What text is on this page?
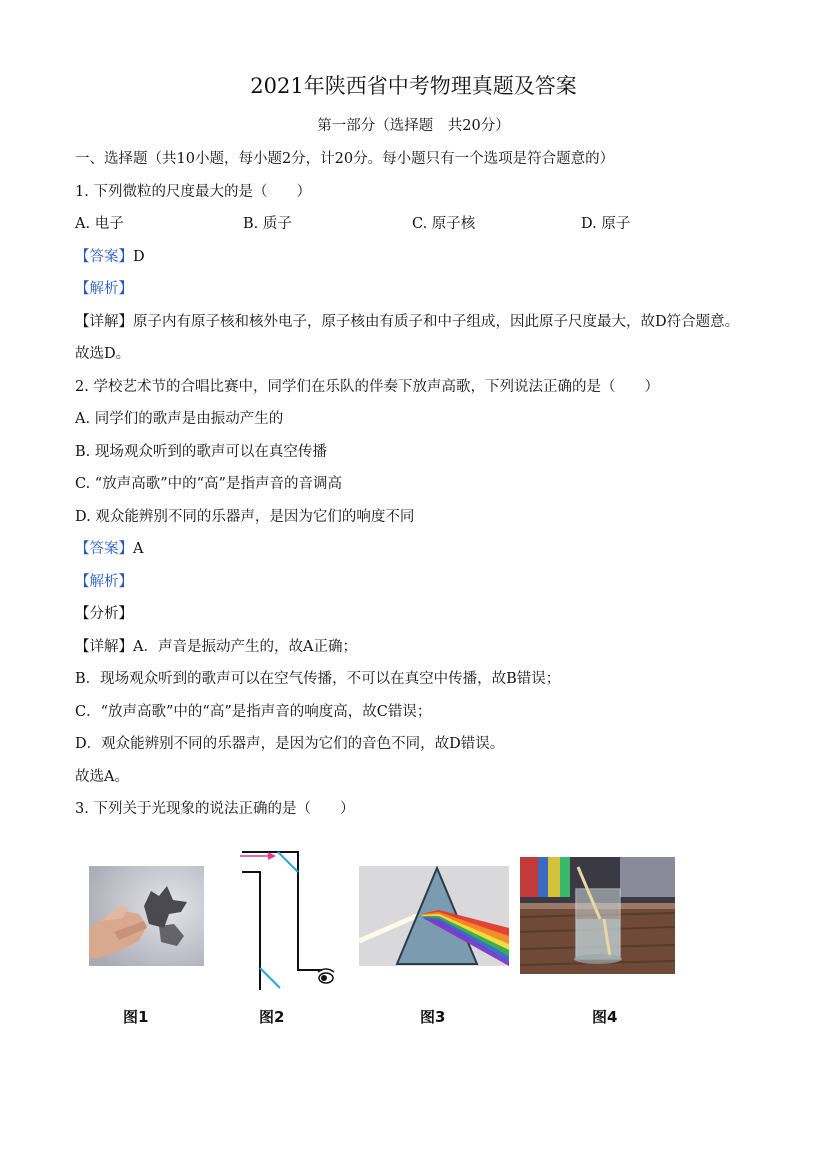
2021年陕西省中考物理真题及答案
第一部分（选择题　共20分）
一、选择题（共10小题，每小题2分，计20分。每小题只有一个选项是符合题意的）
1. 下列微粒的尺度最大的是（　　）
A. 电子	B. 质子	C. 原子核	D. 原子
【答案】D
【解析】
【详解】原子内有原子核和核外电子，原子核由有质子和中子组成，因此原子尺度最大，故D符合题意。
故选D。
2. 学校艺术节的合唱比赛中，同学们在乐队的伴奏下放声高歌，下列说法正确的是（　　）
A. 同学们的歌声是由振动产生的
B. 现场观众听到的歌声可以在真空传播
C. “放声高歌”中的“高”是指声音的音调高
D. 观众能辨别不同的乐器声，是因为它们的响度不同
【答案】A
【解析】
【分析】
【详解】A．声音是振动产生的，故A正确；
B．现场观众听到的歌声可以在空气传播，不可以在真空中传播，故B错误；
C．“放声高歌”中的“高”是指声音的响度高，故C错误；
D．观众能辨别不同的乐器声，是因为它们的音色不同，故D错误。
故选A。
3. 下列关于光现象的说法正确的是（　　）
图1	图2	图3	图4
